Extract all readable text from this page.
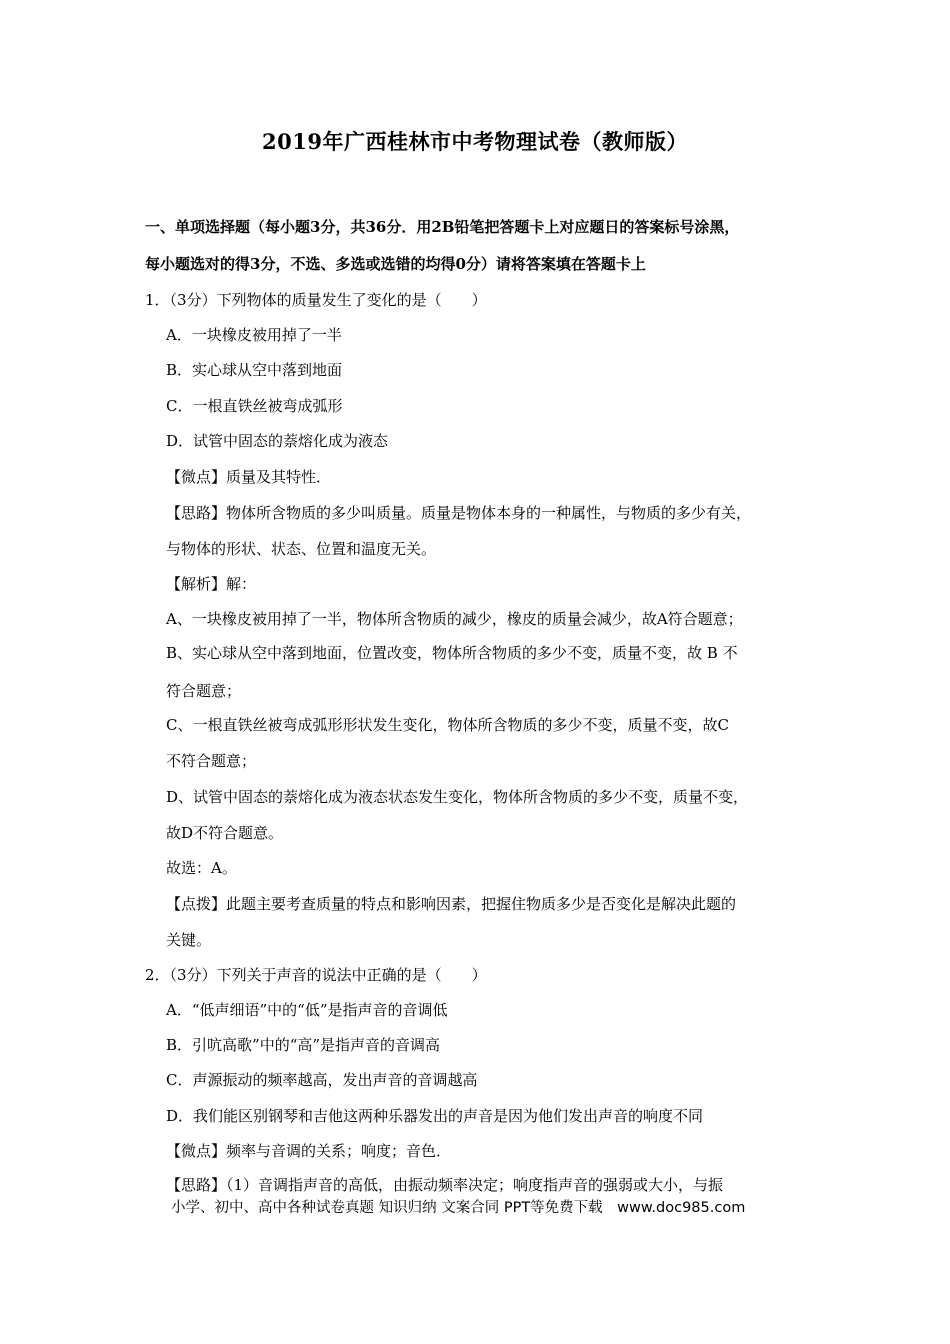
2019年广西桂林市中考物理试卷（教师版）
一、单项选择题（每小题3分，共36分．用2B铅笔把答题卡上对应题日的答案标号涂黑，
每小题选对的得3分，不选、多选或选错的均得0分）请将答案填在答题卡上
1．（3分）下列物体的质量发生了变化的是（　　）
A．一块橡皮被用掉了一半
B．实心球从空中落到地面
C．一根直铁丝被弯成弧形
D．试管中固态的萘熔化成为液态
【微点】质量及其特性．
【思路】物体所含物质的多少叫质量。质量是物体本身的一种属性，与物质的多少有关，
与物体的形状、状态、位置和温度无关。
【解析】解：
A、一块橡皮被用掉了一半，物体所含物质的减少，橡皮的质量会减少，故A符合题意；
B、实心球从空中落到地面，位置改变，物体所含物质的多少不变，质量不变，故 B 不
符合题意；
C、一根直铁丝被弯成弧形形状发生变化，物体所含物质的多少不变，质量不变，故C
不符合题意；
D、试管中固态的萘熔化成为液态状态发生变化，物体所含物质的多少不变，质量不变，
故D不符合题意。
故选：A。
【点拨】此题主要考查质量的特点和影响因素，把握住物质多少是否变化是解决此题的
关键。
2．（3分）下列关于声音的说法中正确的是（　　）
A．“低声细语”中的“低”是指声音的音调低
B．引吭高歌”中的“高”是指声音的音调高
C．声源振动的频率越高，发出声音的音调越高
D．我们能区别钢琴和吉他这两种乐器发出的声音是因为他们发出声音的响度不同
【微点】频率与音调的关系；响度；音色．
【思路】（1）音调指声音的高低，由振动频率决定；响度指声音的强弱或大小，与振
小学、初中、高中各种试卷真题 知识归纳 文案合同 PPT等免费下载　www.doc985.com
